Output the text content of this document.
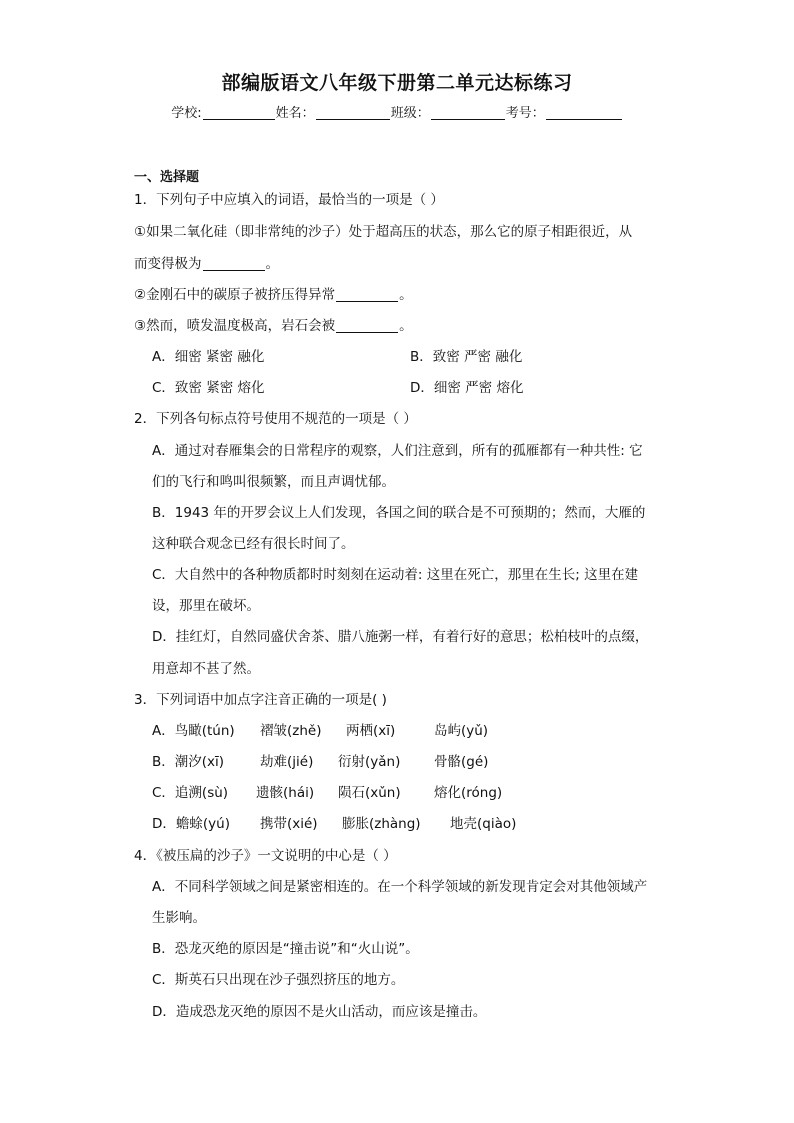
部编版语文八年级下册第二单元达标练习
学校:	姓名：	班级：	考号：
一、选择题
1．下列句子中应填入的词语，最恰当的一项是（ ）
①如果二氧化硅（即非常纯的沙子）处于超高压的状态，那么它的原子相距很近，从
而变得极为	。
②金刚石中的碳原子被挤压得异常	。
③然而，喷发温度极高，岩石会被	。
A．细密 紧密 融化	B．致密 严密 融化
C．致密 紧密 熔化	D．细密 严密 熔化
2．下列各句标点符号使用不规范的一项是（ ）
A．通过对春雁集会的日常程序的观察，人们注意到，所有的孤雁都有一种共性: 它
们的飞行和鸣叫很频繁，而且声调忧郁。
B．1943 年的开罗会议上人们发现，各国之间的联合是不可预期的；然而，大雁的
这种联合观念已经有很长时间了。
C．大自然中的各种物质都时时刻刻在运动着: 这里在死亡，那里在生长; 这里在建
设，那里在破坏。
D．挂红灯，自然同盛伏舍茶、腊八施粥一样，有着行好的意思；松柏枝叶的点缀，
用意却不甚了然。
3．下列词语中加点字注音正确的一项是( )
A．鸟瞰(tún) 褶皱(zhě) 两栖(xī)	岛屿(yǔ)
B．潮汐(xī)	劫难(jié) 衍射(yǎn) 骨骼(gé)
C．追溯(sù) 遗骸(hái) 陨石(xǔn) 熔化(róng)
D．蟾蜍(yú) 携带(xié) 膨胀(zhàng) 地壳(qiào)
4．《被压扁的沙子》一文说明的中心是（ ）
A．不同科学领域之间是紧密相连的。在一个科学领域的新发现肯定会对其他领域产
生影响。
B．恐龙灭绝的原因是“撞击说”和“火山说”。
C．斯英石只出现在沙子强烈挤压的地方。
D．造成恐龙灭绝的原因不是火山活动，而应该是撞击。
